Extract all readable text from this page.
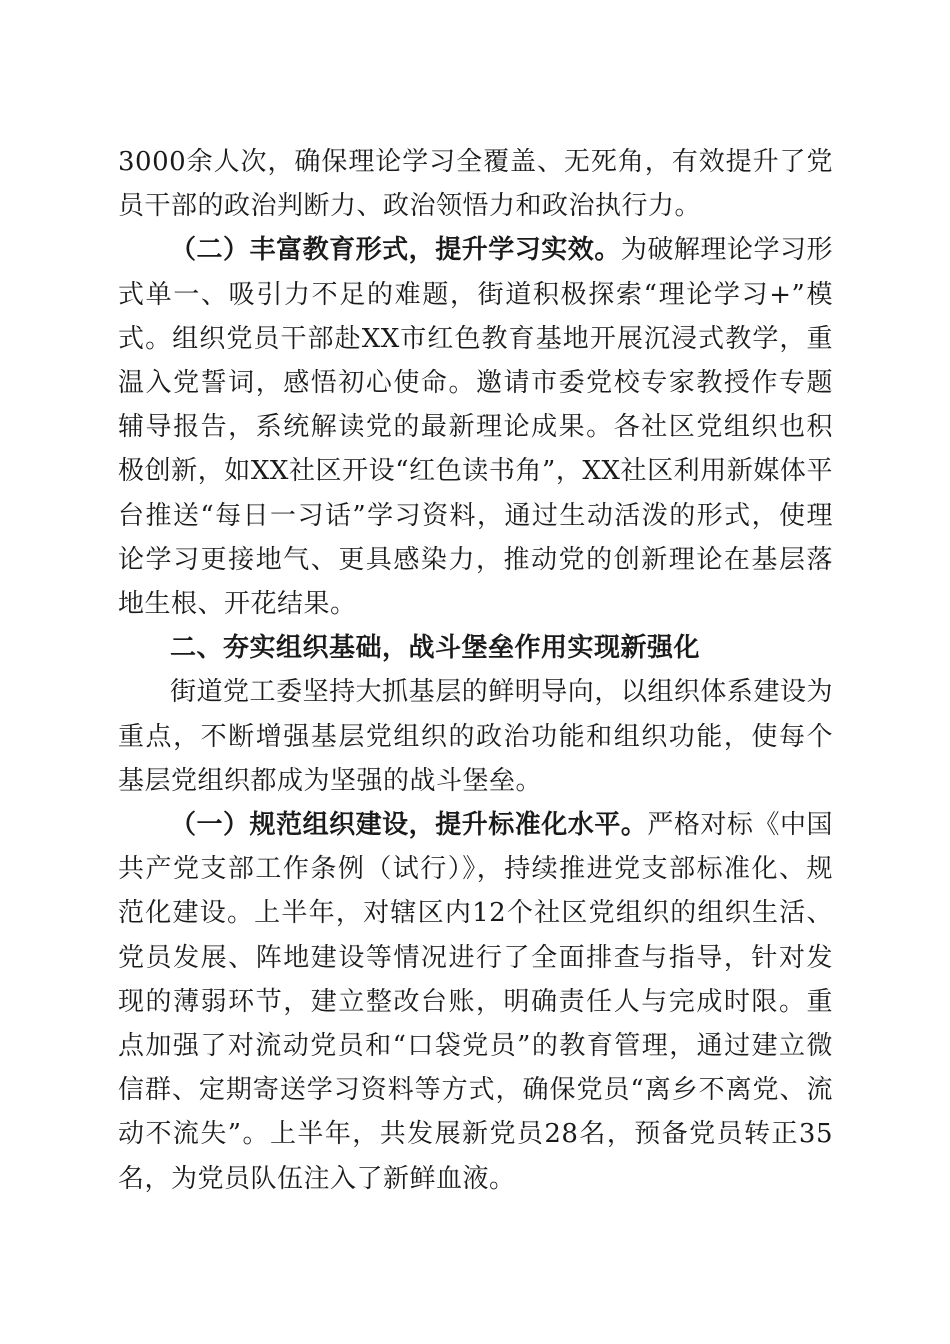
3000余人次，确保理论学习全覆盖、无死角，有效提升了党员干部的政治判断力、政治领悟力和政治执行力。

（二）丰富教育形式，提升学习实效。为破解理论学习形式单一、吸引力不足的难题，街道积极探索“理论学习+”模式。组织党员干部赴XX市红色教育基地开展沉浸式教学，重温入党誓词，感悟初心使命。邀请市委党校专家教授作专题辅导报告，系统解读党的最新理论成果。各社区党组织也积极创新，如XX社区开设“红色读书角”，XX社区利用新媒体平台推送“每日一习话”学习资料，通过生动活泼的形式，使理论学习更接地气、更具感染力，推动党的创新理论在基层落地生根、开花结果。

二、夯实组织基础，战斗堡垒作用实现新强化

街道党工委坚持大抓基层的鲜明导向，以组织体系建设为重点，不断增强基层党组织的政治功能和组织功能，使每个基层党组织都成为坚强的战斗堡垒。

（一）规范组织建设，提升标准化水平。严格对标《中国共产党支部工作条例（试行）》，持续推进党支部标准化、规范化建设。上半年，对辖区内12个社区党组织的组织生活、党员发展、阵地建设等情况进行了全面排查与指导，针对发现的薄弱环节，建立整改台账，明确责任人与完成时限。重点加强了对流动党员和“口袋党员”的教育管理，通过建立微信群、定期寄送学习资料等方式，确保党员“离乡不离党、流动不流失”。上半年，共发展新党员28名，预备党员转正35名，为党员队伍注入了新鲜血液。
